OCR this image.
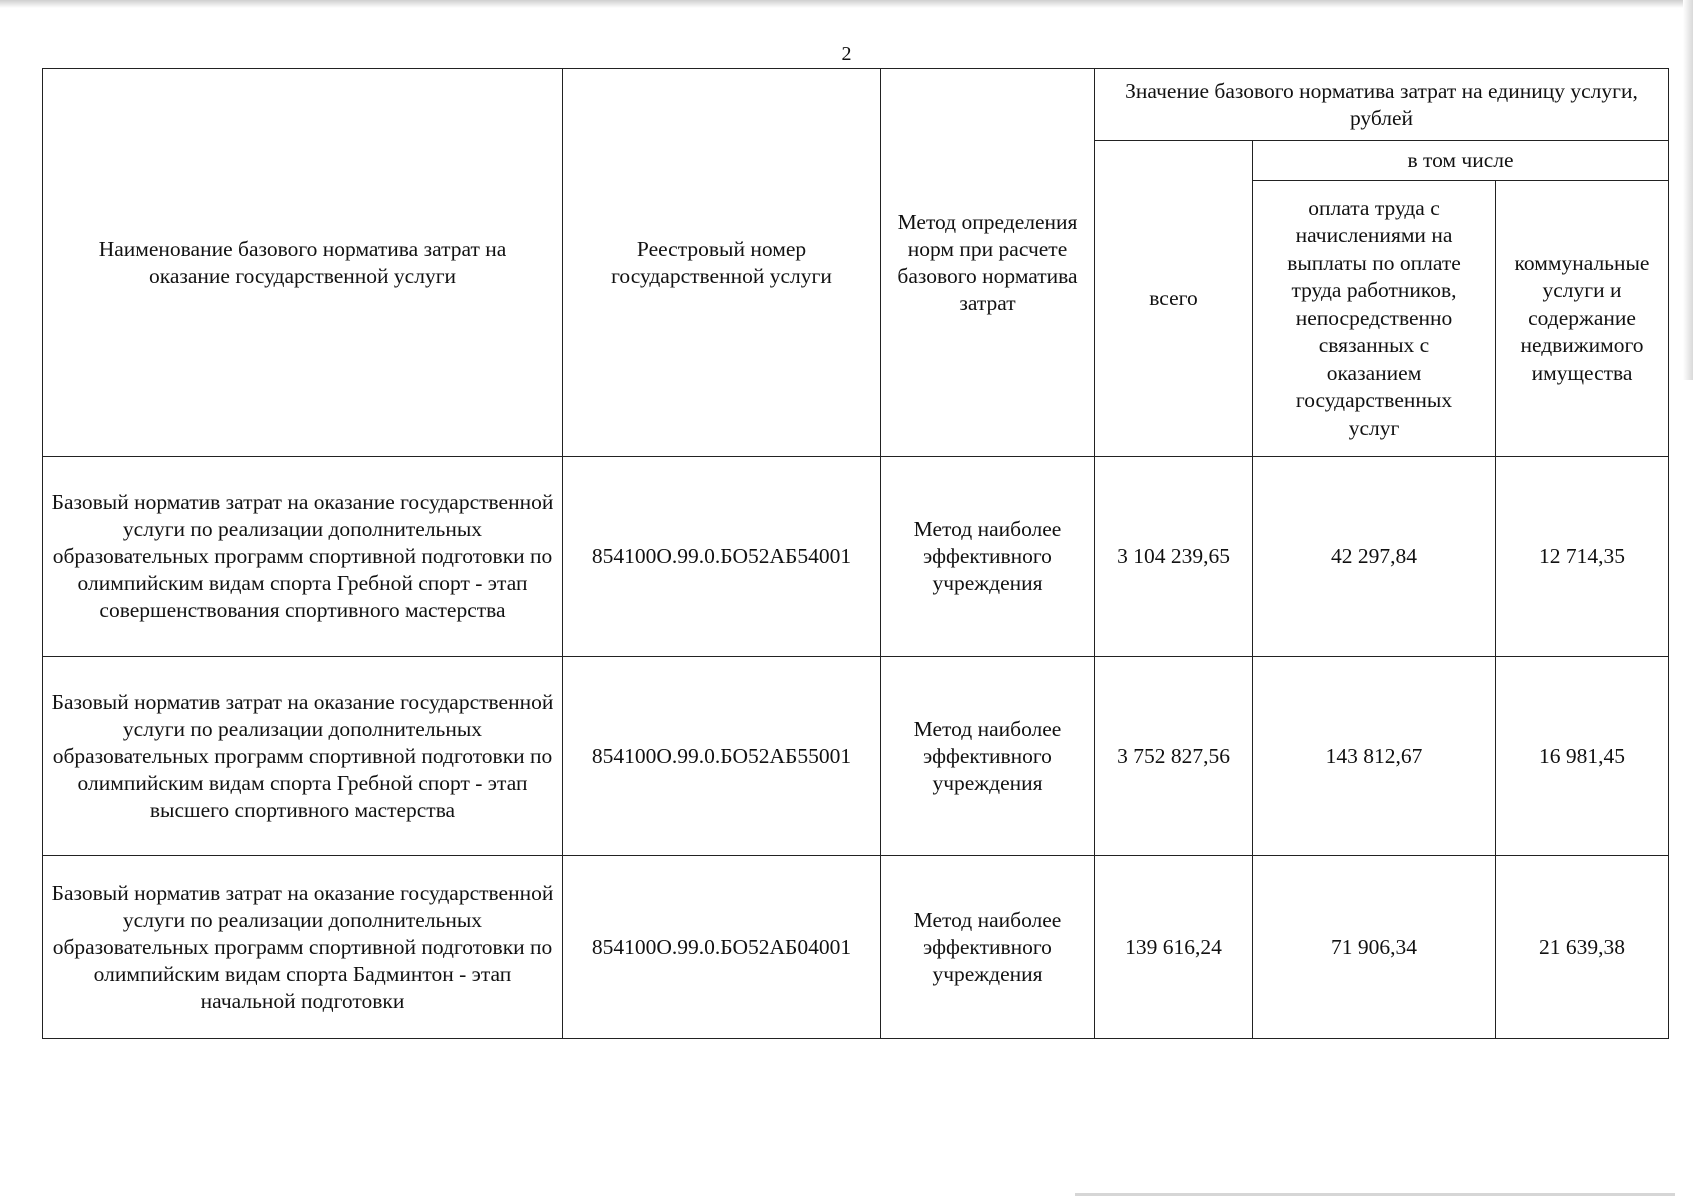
2
Наименование базового норматива затрат на оказание государственной услуги	Реестровый номер государственной услуги	Метод определения норм при расчете базового норматива затрат	Значение базового норматива затрат на единицу услуги, рублей		
			всего	в том числе	
				оплата труда с начислениями на выплаты по оплате труда работников, непосредственно связанных с оказанием государственных услуг	коммунальные услуги и содержание недвижимого имущества
Базовый норматив затрат на оказание государственной услуги по реализации дополнительных образовательных программ спортивной подготовки по олимпийским видам спорта Гребной спорт - этап совершенствования спортивного мастерства	854100О.99.0.БО52АБ54001	Метод наиболее эффективного учреждения	3 104 239,65	42 297,84	12 714,35
Базовый норматив затрат на оказание государственной услуги по реализации дополнительных образовательных программ спортивной подготовки по олимпийским видам спорта Гребной спорт - этап высшего спортивного мастерства	854100О.99.0.БО52АБ55001	Метод наиболее эффективного учреждения	3 752 827,56	143 812,67	16 981,45
Базовый норматив затрат на оказание государственной услуги по реализации дополнительных образовательных программ спортивной подготовки по олимпийским видам спорта Бадминтон - этап начальной подготовки	854100О.99.0.БО52АБ04001	Метод наиболее эффективного учреждения	139 616,24	71 906,34	21 639,38
